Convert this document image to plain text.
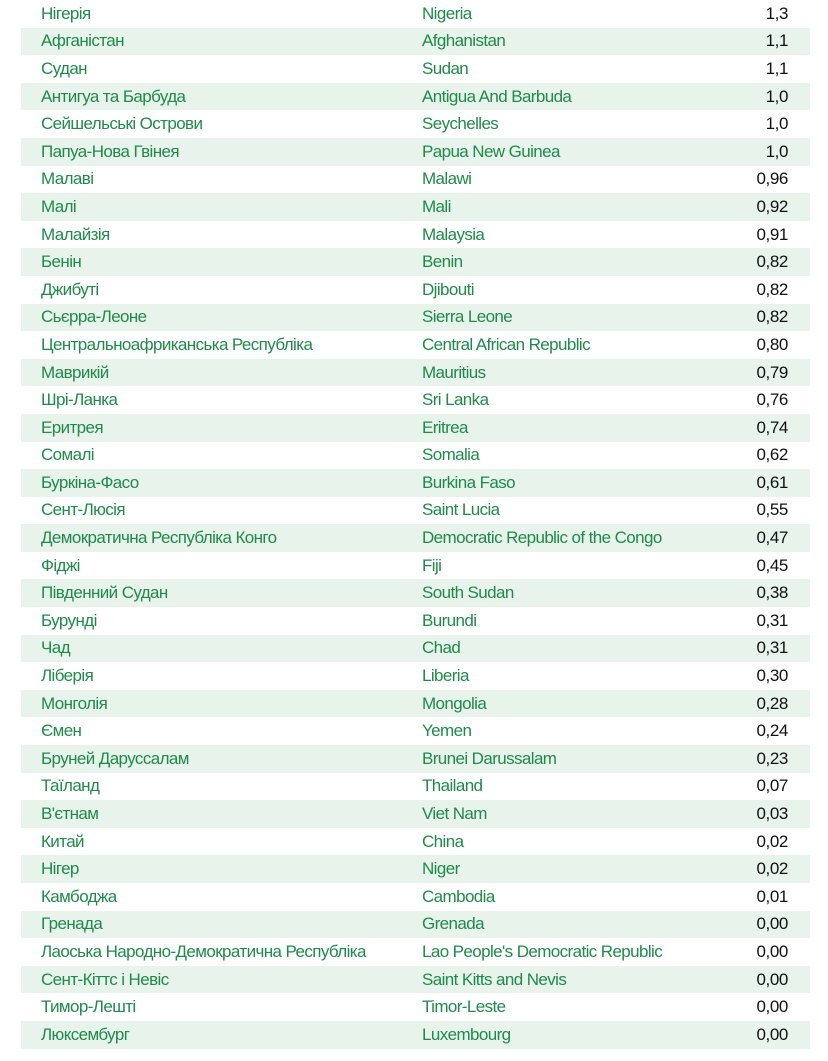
Нігерія	Nigeria	1,3
Афганістан	Afghanistan	1,1
Судан	Sudan	1,1
Антигуа та Барбуда	Antigua And Barbuda	1,0
Сейшельські Острови	Seychelles	1,0
Папуа-Нова Гвінея	Papua New Guinea	1,0
Малаві	Malawi	0,96
Малі	Mali	0,92
Малайзія	Malaysia	0,91
Бенін	Benin	0,82
Джибуті	Djibouti	0,82
Сьєрра-Леоне	Sierra Leone	0,82
Центральноафриканська Республіка	Central African Republic	0,80
Маврикій	Mauritius	0,79
Шрі-Ланка	Sri Lanka	0,76
Еритрея	Eritrea	0,74
Сомалі	Somalia	0,62
Буркіна-Фасо	Burkina Faso	0,61
Сент-Люсія	Saint Lucia	0,55
Демократична Республіка Конго	Democratic Republic of the Congo	0,47
Фіджі	Fiji	0,45
Південний Судан	South Sudan	0,38
Бурунді	Burundi	0,31
Чад	Chad	0,31
Ліберія	Liberia	0,30
Монголія	Mongolia	0,28
Ємен	Yemen	0,24
Бруней Даруссалам	Brunei Darussalam	0,23
Таїланд	Thailand	0,07
В'єтнам	Viet Nam	0,03
Китай	China	0,02
Нігер	Niger	0,02
Камбоджа	Cambodia	0,01
Гренада	Grenada	0,00
Лаоська Народно-Демократична Республіка	Lao People's Democratic Republic	0,00
Сент-Кіттс і Невіс	Saint Kitts and Nevis	0,00
Тимор-Лешті	Timor-Leste	0,00
Люксембург	Luxembourg	0,00
